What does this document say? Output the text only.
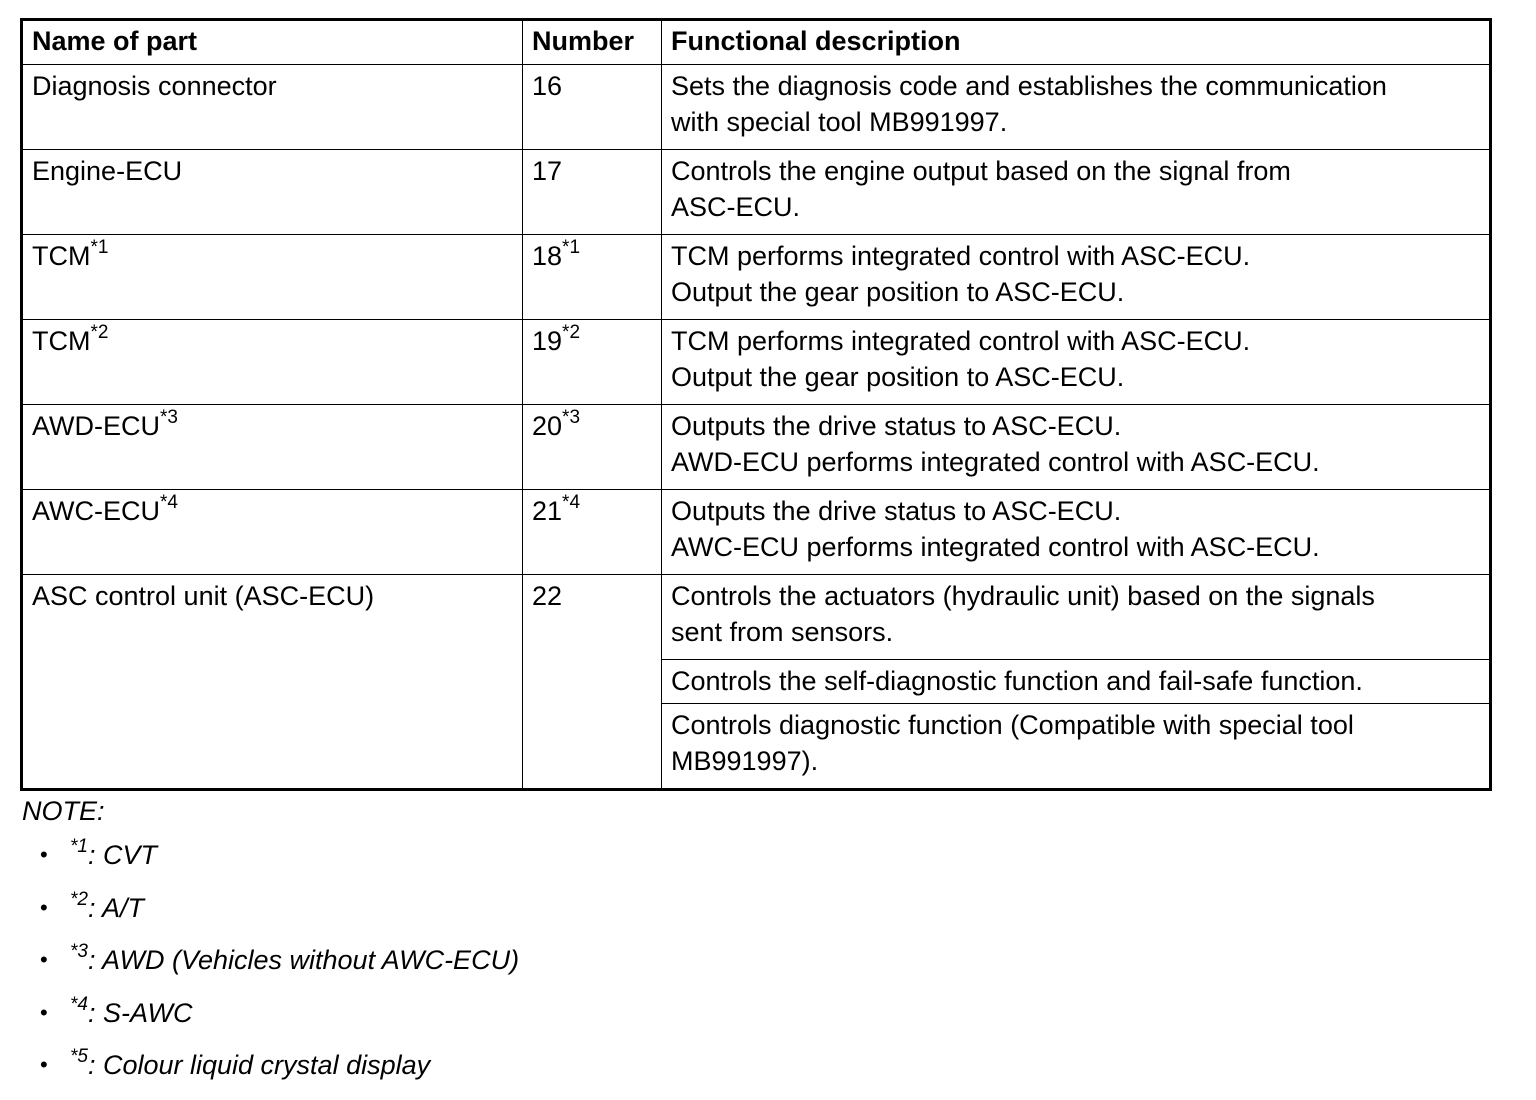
Name of part	Number	Functional description
Diagnosis connector	16	Sets the diagnosis code and establishes the communication
with special tool MB991997.

Engine-ECU	17	Controls the engine output based on the signal from
ASC-ECU.

TCM$^{*1}$	18$^{*1}$	TCM performs integrated control with ASC-ECU.
Output the gear position to ASC-ECU.

TCM$^{*2}$	19$^{*2}$	TCM performs integrated control with ASC-ECU.
Output the gear position to ASC-ECU.

AWD-ECU$^{*3}$	20$^{*3}$	Outputs the drive status to ASC-ECU.
AWD-ECU performs integrated control with ASC-ECU.

AWC-ECU$^{*4}$	21$^{*4}$	Outputs the drive status to ASC-ECU.
AWC-ECU performs integrated control with ASC-ECU.

ASC control unit (ASC-ECU)	22	Controls the actuators (hydraulic unit) based on the signals
sent from sensors.

		Controls the self-diagnostic function and fail-safe function.

		Controls diagnostic function (Compatible with special tool
MB991997).
NOTE:
• $^{*1}$: CVT
• $^{*2}$: A/T
• $^{*3}$: AWD (Vehicles without AWC-ECU)
• $^{*4}$: S-AWC
• $^{*5}$: Colour liquid crystal display
